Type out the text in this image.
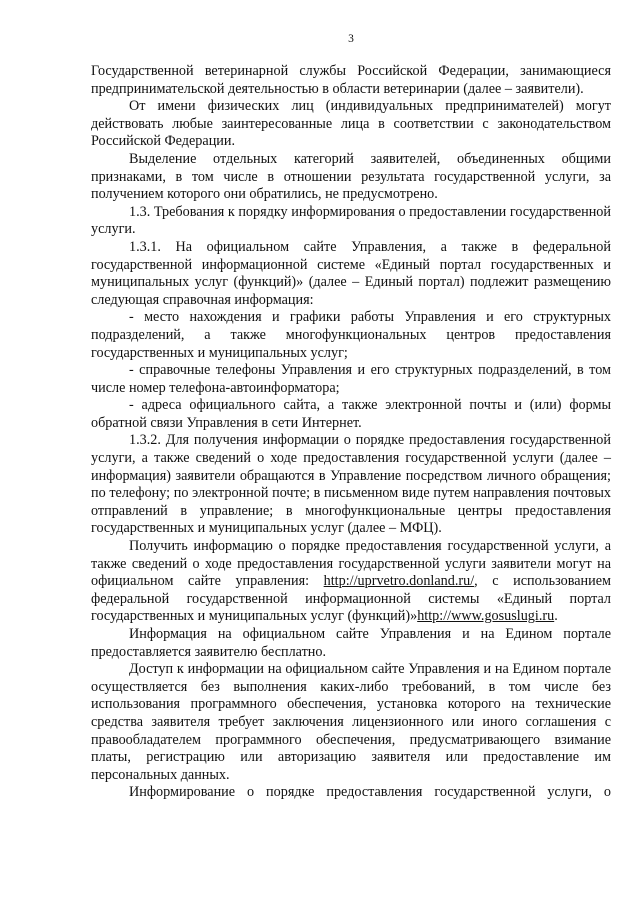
3

Государственной ветеринарной службы Российской Федерации, занимающиеся предпринимательской деятельностью в области ветеринарии (далее – заявители).

От имени физических лиц (индивидуальных предпринимателей) могут действовать любые заинтересованные лица в соответствии с законодательством Российской Федерации.

Выделение отдельных категорий заявителей, объединенных общими признаками, в том числе в отношении результата государственной услуги, за получением которого они обратились, не предусмотрено.

1.3. Требования к порядку информирования о предоставлении государственной услуги.

1.3.1. На официальном сайте Управления, а также в федеральной государственной информационной системе «Единый портал государственных и муниципальных услуг (функций)» (далее – Единый портал) подлежит размещению следующая справочная информация:

- место нахождения и графики работы Управления и его структурных подразделений, а также многофункциональных центров предоставления государственных и муниципальных услуг;

- справочные телефоны Управления и его структурных подразделений, в том числе номер телефона-автоинформатора;

- адреса официального сайта, а также электронной почты и (или) формы обратной связи Управления в сети Интернет.

1.3.2. Для получения информации о порядке предоставления государственной услуги, а также сведений о ходе предоставления государственной услуги (далее – информация) заявители обращаются в Управление посредством личного обращения; по телефону; по электронной почте; в письменном виде путем направления почтовых отправлений в управление; в многофункциональные центры предоставления государственных и муниципальных услуг (далее – МФЦ).

Получить информацию о порядке предоставления государственной услуги, а также сведений о ходе предоставления государственной услуги заявители могут на официальном сайте управления: http://uprvetro.donland.ru/, с использованием федеральной государственной информационной системы «Единый портал государственных и муниципальных услуг (функций)»http://www.gosuslugi.ru.

Информация на официальном сайте Управления и на Едином портале предоставляется заявителю бесплатно.

Доступ к информации на официальном сайте Управления и на Едином портале осуществляется без выполнения каких-либо требований, в том числе без использования программного обеспечения, установка которого на технические средства заявителя требует заключения лицензионного или иного соглашения с правообладателем программного обеспечения, предусматривающего взимание платы, регистрацию или авторизацию заявителя или предоставление им персональных данных.

Информирование о порядке предоставления государственной услуги, о
